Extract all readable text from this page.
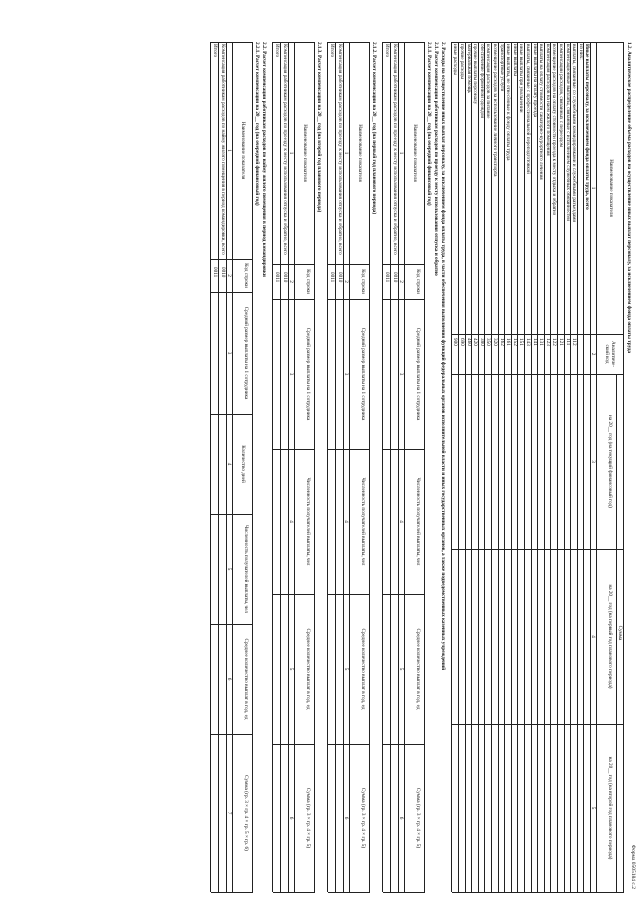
Форма 0505184 с.2
1.2. Аналитическое распределение объема расходов на осуществление иных выплат персоналу, за исключением фонда оплаты труда
Наименование показателя
Аналитиче-ский код
Сумма
на 20__ год (на текущий финансовый год)
на 20__ год (на первый год планового периода)
на 20__ год (на второй год планового периода)
1
2
3
4
5
Иные выплаты персоналу, за исключением фонда оплаты труда, всего
из них:
выплаты, связанные со служебными командировками и служебными разъездами
112
компенсационные выплаты, связанные с исполнением служебных обязанностей
111
компенсации расходов, связанных с переездом
121
возмещение расходов на оплату стоимости проезда к месту отдыха и обратно
122
компенсация расходов на наём жилого помещения
123
выплаты на оплату стоимости санаторно-курортного лечения
131
иные выплаты на оплату проезда
141
выплаты, связанные с профессиональной переподготовкой
143
иные выплаты при увольнении
151
иные выплаты
152
иные выплаты, не отнесённые к фонду оплаты труда
161
транспортные услуги
162
возмещение расходов за использование личного транспорта
320
компенсация расходов за питание
350
обеспечение форменной одеждой
380
прочие выплаты персоналу
420
материальная помощь
460
прочие расходы
690
иные расходы
900
2. Расходы на осуществление иных выплат персоналу, за исключением фонда оплаты труда, в части обеспечения выполнения функций федеральных органов исполнительной власти и иных государственных органов, а также подведомственных казенных учреждений
2.1. Расчет компенсации работникам расходов по проезду к месту использования отпуска и обратно
2.1.1. Расчет компенсации на 20__ год (на очередной финансовый год)
Наименование показателя
Код строки
Средний размер выплаты на 1 сотрудника
Численность получателей выплаты, чел
Среднее количество выплат в год, ед
Сумма (гр. 3 × гр. 4 × гр. 5)
1
2
3
4
5
6
Компенсация работникам расходов по проезду к месту использования отпуска и обратно, всего
0010
Итого
0011
2.1.2. Расчет компенсации на 20__ год (на первый год планового периода)
Наименование показателя
Код строки
Средний размер выплаты на 1 сотрудника
Численность получателей выплаты, чел
Среднее количество выплат в год, ед
Сумма (гр. 3 × гр. 4 × гр. 5)
1
2
3
4
5
6
Компенсация работникам расходов по проезду к месту использования отпуска и обратно, всего
0010
Итого
0011
2.1.3. Расчет компенсации на 20__ год (на второй год планового периода)
Наименование показателя
Код строки
Средний размер выплаты на 1 сотрудника
Численность получателей выплаты, чел
Среднее количество выплат в год, ед
Сумма (гр. 3 × гр. 4 × гр. 5)
1
2
3
4
5
6
Компенсация работникам расходов по проезду к месту использования отпуска и обратно, всего
0010
Итого
0011
2.2. Расчет компенсации работникам расходов по найму жилого помещения в период командировки
2.2.1. Расчет компенсации на 20__ год (на очередной финансовый год)
Наименование показателя
Код строки
Средний размер выплаты на 1 сотрудника
Количество дней
Численность получателей выплаты, чел
Среднее количество выплат в год, ед
Сумма (гр. 3 × гр. 4 × гр. 5 × гр. 6)
1
2
3
4
5
6
7
Компенсация работникам расходов по найму жилого помещения в период командировки, всего
0010
Итого
0011
